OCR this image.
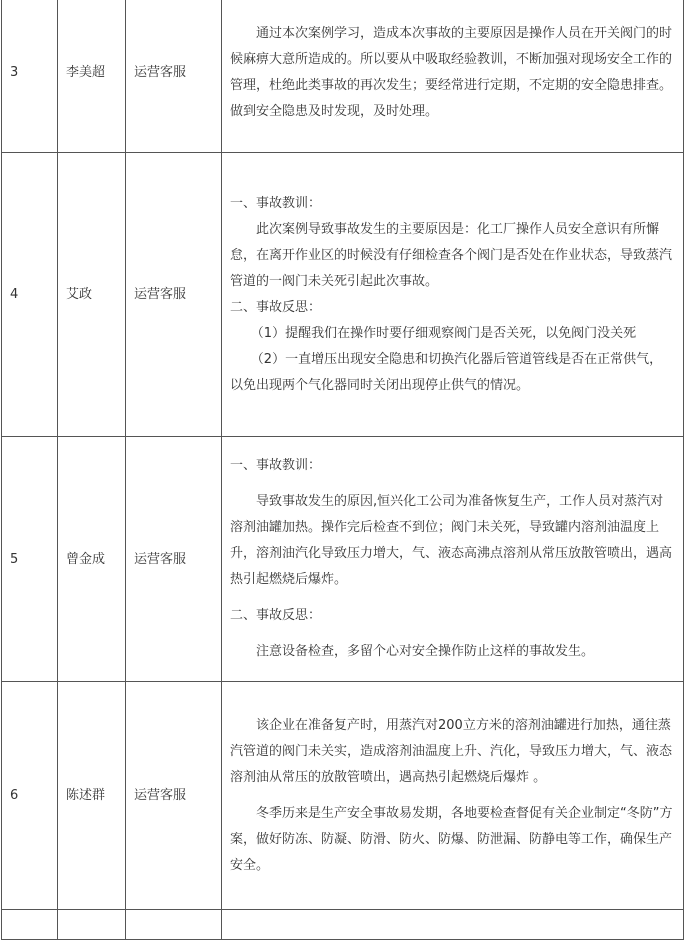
3	李美超	运营客服	通过本次案例学习，造成本次事故的主要原因是操作人员在开关阀门的时候麻痹大意所造成的。所以要从中吸取经验教训，不断加强对现场安全工作的管理，杜绝此类事故的再次发生；要经常进行定期，不定期的安全隐患排查。做到安全隐患及时发现，及时处理。

4	艾政	运营客服	一、事故教训：

此次案例导致事故发生的主要原因是：化工厂操作人员安全意识有所懈怠，在离开作业区的时候没有仔细检查各个阀门是否处在作业状态，导致蒸汽管道的一阀门未关死引起此次事故。

二、事故反思：

（1）提醒我们在操作时要仔细观察阀门是否关死，以免阀门没关死

（2）一直增压出现安全隐患和切换汽化器后管道管线是否在正常供气，以免出现两个气化器同时关闭出现停止供气的情况。

5	曾金成	运营客服	一、事故教训：

导致事故发生的原因,恒兴化工公司为准备恢复生产，工作人员对蒸汽对溶剂油罐加热。操作完后检查不到位；阀门未关死，导致罐内溶剂油温度上升，溶剂油汽化导致压力增大，气、液态高沸点溶剂从常压放散管喷出，遇高热引起燃烧后爆炸。

二、事故反思：

注意设备检查，多留个心对安全操作防止这样的事故发生。

6	陈述群	运营客服	该企业在准备复产时，用蒸汽对200立方米的溶剂油罐进行加热，通往蒸汽管道的阀门未关实，造成溶剂油温度上升、汽化，导致压力增大，气、液态溶剂油从常压的放散管喷出，遇高热引起燃烧后爆炸 。

冬季历来是生产安全事故易发期，各地要检查督促有关企业制定“冬防”方案，做好防冻、防凝、防滑、防火、防爆、防泄漏、防静电等工作，确保生产安全。
